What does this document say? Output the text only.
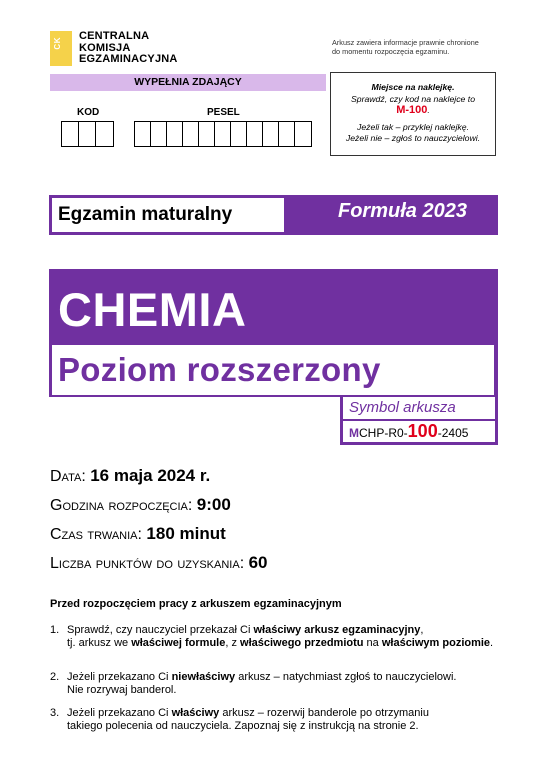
CK
CENTRALNA
KOMISJA
EGZAMINACYJNA
Arkusz zawiera informacje prawnie chronione
do momentu rozpoczęcia egzaminu.
WYPEŁNIA ZDAJĄCY
KOD	PESEL
Miejsce na naklejkę.
Sprawdź, czy kod na naklejce to
M-100.
Jeżeli tak – przyklej naklejkę.
Jeżeli nie – zgłoś to nauczycielowi.
Egzamin maturalny	Formuła 2023
CHEMIA
Poziom rozszerzony
Symbol arkusza
MCHP-R0-100-2405
Data: 16 maja 2024 r.
Godzina rozpoczęcia: 9:00
Czas trwania: 180 minut
Liczba punktów do uzyskania: 60
Przed rozpoczęciem pracy z arkuszem egzaminacyjnym
1. Sprawdź, czy nauczyciel przekazał Ci właściwy arkusz egzaminacyjny,
tj. arkusz we właściwej formule, z właściwego przedmiotu na właściwym poziomie.
2. Jeżeli przekazano Ci niewłaściwy arkusz – natychmiast zgłoś to nauczycielowi.
Nie rozrywaj banderol.
3. Jeżeli przekazano Ci właściwy arkusz – rozerwij banderole po otrzymaniu
takiego polecenia od nauczyciela. Zapoznaj się z instrukcją na stronie 2.
